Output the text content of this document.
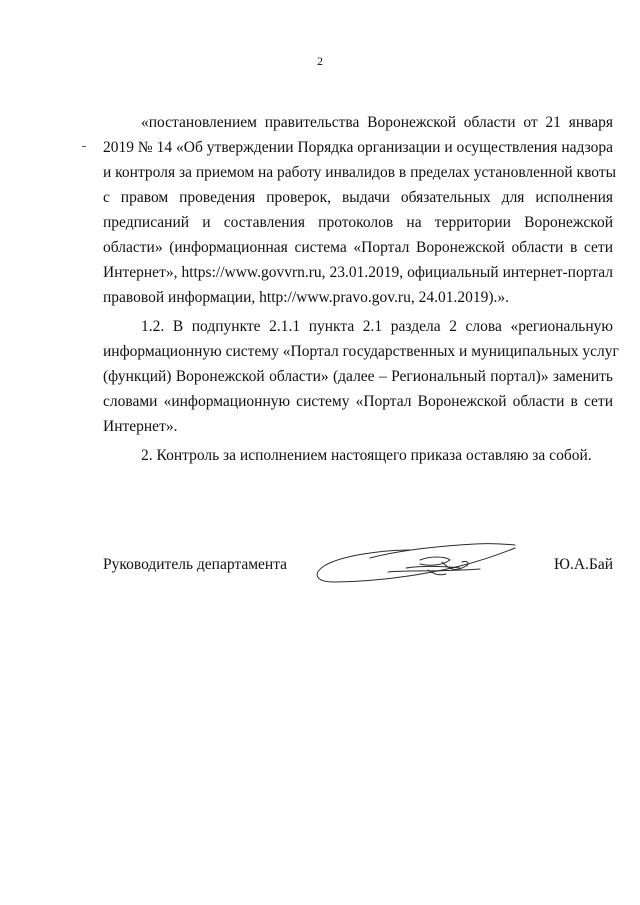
2
«постановлением правительства Воронежской области от 21 января
2019 № 14 «Об утверждении Порядка организации и осуществления надзора
и контроля за приемом на работу инвалидов в пределах установленной квоты
с правом проведения проверок, выдачи обязательных для исполнения
предписаний и составления протоколов на территории Воронежской
области» (информационная система «Портал Воронежской области в сети
Интернет», https://www.govvrn.ru, 23.01.2019, официальный интернет-портал
правовой информации, http://www.pravo.gov.ru, 24.01.2019).».
1.2. В подпункте 2.1.1 пункта 2.1 раздела 2 слова «региональную
информационную систему «Портал государственных и муниципальных услуг
(функций) Воронежской области» (далее – Региональный портал)» заменить
словами «информационную систему «Портал Воронежской области в сети
Интернет».
2. Контроль за исполнением настоящего приказа оставляю за собой.
Руководитель департамента	Ю.А.Бай
